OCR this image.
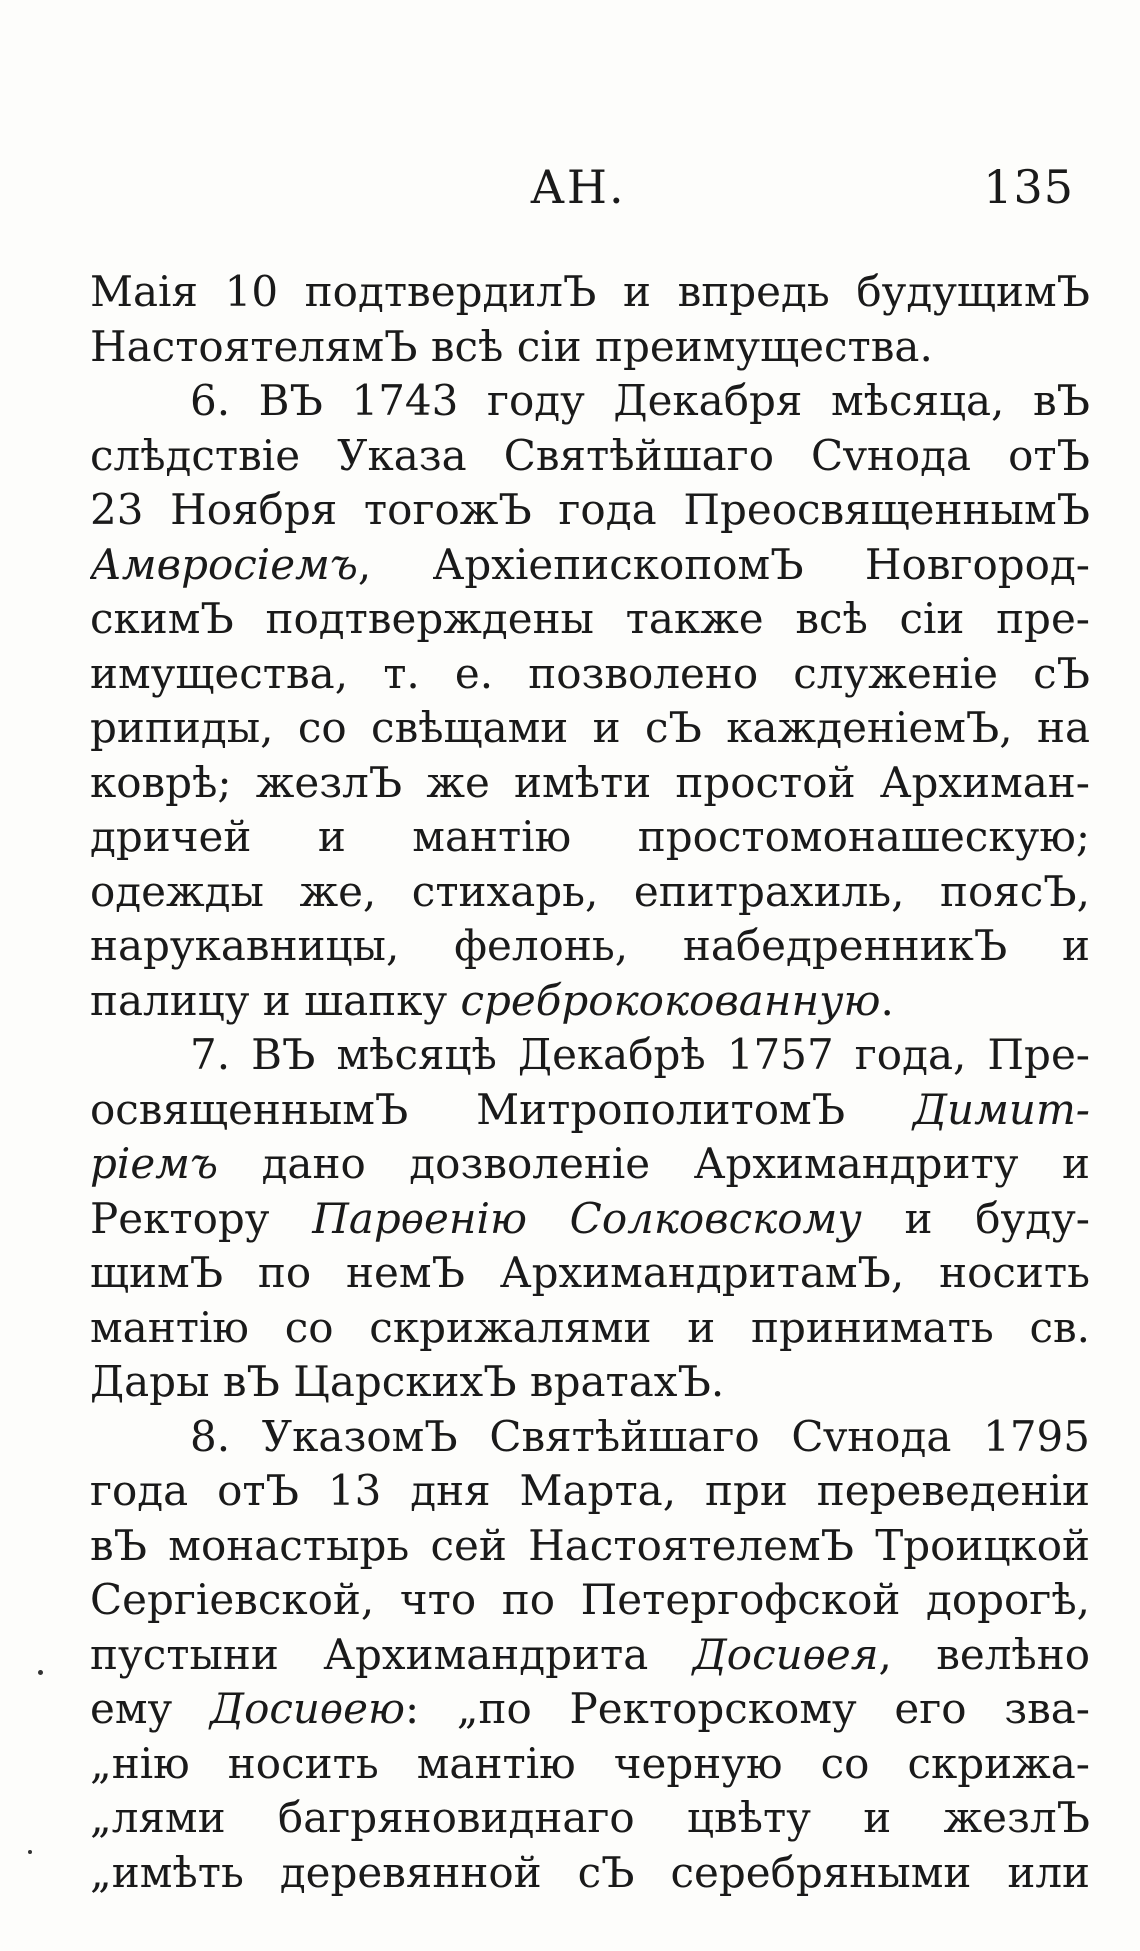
АН.	135
Маія 10 подтвердилЪ и впредь будущимЪ
НастоятелямЪ всѣ сіи преимущества.
6. ВЪ 1743 году Декабря мѣсяца, вЪ
слѣдствіе Указа Святѣйшаго Сvнода отЪ
23 Ноября тогожЪ года ПреосвященнымЪ
Амвросіемъ, АрхіепископомЪ Новгород-
скимЪ подтверждены также всѣ сіи пре-
имущества, т. е. позволено служеніе сЪ
рипиды, со свѣщами и сЪ кажденіемЪ, на
коврѣ; жезлЪ же имѣти простой Архиман-
дричей и мантію простомонашескую;
одежды же, стихарь, епитрахиль, поясЪ,
нарукавницы, фелонь, набедренникЪ и
палицу и шапку сребрококованную.
7. ВЪ мѣсяцѣ Декабрѣ 1757 года, Пре-
освященнымЪ МитрополитомЪ Димит-
ріемъ дано дозволеніе Архимандриту и
Ректору Парѳенію Солковскому и буду-
щимЪ по немЪ АрхимандритамЪ, носить
мантію со скрижалями и принимать св.
Дары вЪ ЦарскихЪ вратахЪ.
8. УказомЪ Святѣйшаго Сvнода 1795
года отЪ 13 дня Марта, при переведеніи
вЪ монастырь сей НастоятелемЪ Троицкой
Сергіевской, что по Петергофской дорогѣ,
пустыни Архимандрита Досиѳея, велѣно
ему Досиѳею: „по Ректорскому его зва-
„нію носить мантію черную со скрижа-
„лями багряновиднаго цвѣту и жезлЪ
„имѣть деревянной сЪ серебряными или
